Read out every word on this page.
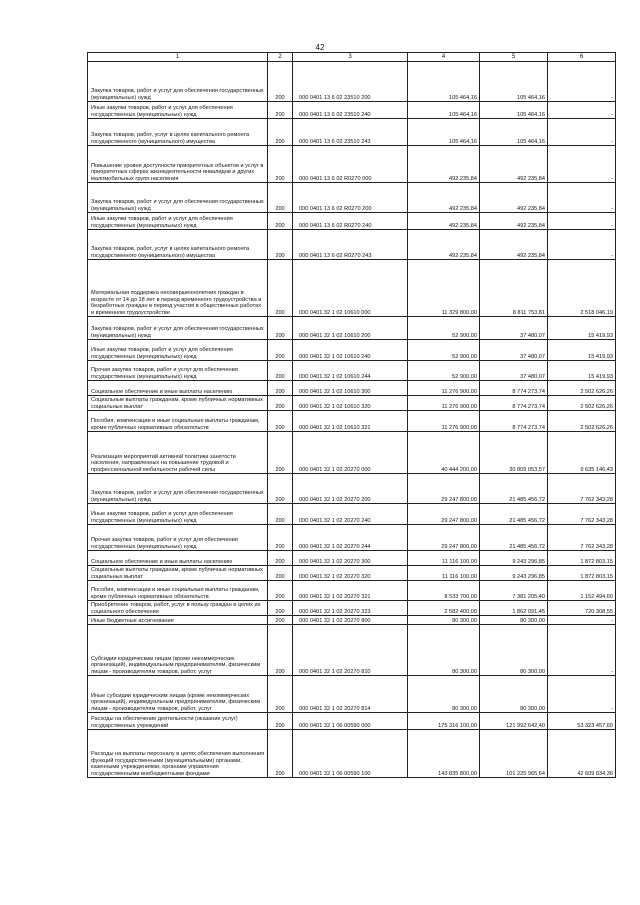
42
1	2	3	4	5	6
Закупка товаров, работ и услуг для обеспечения государственных (муниципальных) нужд	200	000 0401 13 6 02 23510 200	105 464,16	105 464,16	-
Иные закупки товаров, работ и услуг для обеспечения государственных (муниципальных) нужд	200	000 0401 13 6 02 23510 240	105 464,16	105 464,16	-
Закупка товаров, работ, услуг в целях капитального ремонта государственного (муниципального) имущества	200	000 0401 13 6 02 23510 243	105 464,16	105 464,16	-
Повышение уровня доступности приоритетных объектов и услуг в приоритетных сферах жизнедеятельности инвалидов и других маломобильных групп населения	200	000 0401 13 6 02 R0270 000	492 235,84	492 235,84	-
Закупка товаров, работ и услуг для обеспечения государственных (муниципальных) нужд	200	000 0401 13 6 02 R0270 200	492 235,84	492 235,84	-
Иные закупки товаров, работ и услуг для обеспечения государственных (муниципальных) нужд	200	000 0401 13 6 02 R0270 240	492 235,84	492 235,84	-
Закупка товаров, работ, услуг в целях капитального ремонта государственного (муниципального) имущества	200	000 0401 13 6 02 R0270 243	492 235,84	492 235,84	-
Материальная поддержка несовершеннолетних граждан в возрасте от 14 до 18 лет в период временного трудоустройства и безработных граждан в период участия в общественных работах и временном трудоустройстве	200	000 0401 32 1 02 10610 000	11 329 800,00	8 811 753,81	2 518 046,19
Закупка товаров, работ и услуг для обеспечения государственных (муниципальных) нужд	200	000 0401 32 1 02 10610 200	52 900,00	37 480,07	15 419,93
Иные закупки товаров, работ и услуг для обеспечения государственных (муниципальных) нужд	200	000 0401 32 1 02 10610 240	52 900,00	37 480,07	15 419,93
Прочая закупка товаров, работ и услуг для обеспечения государственных (муниципальных) нужд	200	000 0401 32 1 02 10610 244	52 900,00	37 480,07	15 419,93
Социальное обеспечение и иные выплаты населению	200	000 0401 32 1 02 10610 300	11 276 900,00	8 774 273,74	2 502 626,26
Социальные выплаты гражданам, кроме публичных нормативных социальных выплат	200	000 0401 32 1 02 10610 320	11 276 900,00	8 774 273,74	2 502 626,26
Пособия, компенсации и иные социальные выплаты гражданам, кроме публичных нормативных обязательств	200	000 0401 32 1 02 10610 321	11 276 900,00	8 774 273,74	2 502 626,26
Реализация мероприятий активной политики занятости населения, направленных на повышение трудовой и профессиональной мобильности рабочей силы	200	000 0401 32 1 02 20270 000	40 444 200,00	30 809 053,57	9 635 146,43
Закупка товаров, работ и услуг для обеспечения государственных (муниципальных) нужд	200	000 0401 32 1 02 20270 200	29 247 800,00	21 485 456,72	7 762 343,28
Иные закупки товаров, работ и услуг для обеспечения государственных (муниципальных) нужд	200	000 0401 32 1 02 20270 240	29 247 800,00	21 485 456,72	7 762 343,28
Прочая закупка товаров, работ и услуг для обеспечения государственных (муниципальных) нужд	200	000 0401 32 1 02 20270 244	29 247 800,00	21 485 456,72	7 762 343,28
Социальное обеспечение и иные выплаты населению	200	000 0401 32 1 02 20270 300	11 116 100,00	9 243 296,85	1 872 803,15
Социальные выплаты гражданам, кроме публичных нормативных социальных выплат	200	000 0401 32 1 02 20270 320	11 116 100,00	9 243 296,85	1 872 803,15
Пособия, компенсации и иные социальные выплаты гражданам, кроме публичных нормативных обязательств	200	000 0401 32 1 02 20270 321	8 533 700,00	7 381 205,40	1 152 494,60
Приобретение товаров, работ, услуг в пользу граждан в целях их социального обеспечения	200	000 0401 32 1 02 20270 323	2 582 400,00	1 862 091,45	720 308,55
Иные бюджетные ассигнования	200	000 0401 32 1 02 20270 800	80 300,00	80 300,00	-
Субсидии юридическим лицам (кроме некоммерческих организаций), индивидуальным предпринимателям, физическим лицам - производителям товаров, работ, услуг	200	000 0401 32 1 02 20270 810	80 300,00	80 300,00	-
Иные субсидии юридическим лицам (кроме некоммерческих организаций), индивидуальным предпринимателям, физическим лицам - производителям товаров, работ, услуг	200	000 0401 32 1 02 20270 814	80 300,00	80 300,00	-
Расходы на обеспечение деятельности (оказание услуг) государственных учреждений	200	000 0401 32 1 06 00590 000	175 316 100,00	121 992 642,40	53 323 457,60
Расходы на выплаты персоналу в целях обеспечения выполнения функций государственными (муниципальными) органами, казенными учреждениями, органами управления государственными внебюджетными фондами	200	000 0401 32 1 06 00590 100	143 835 800,00	101 225 965,64	42 609 834,36
